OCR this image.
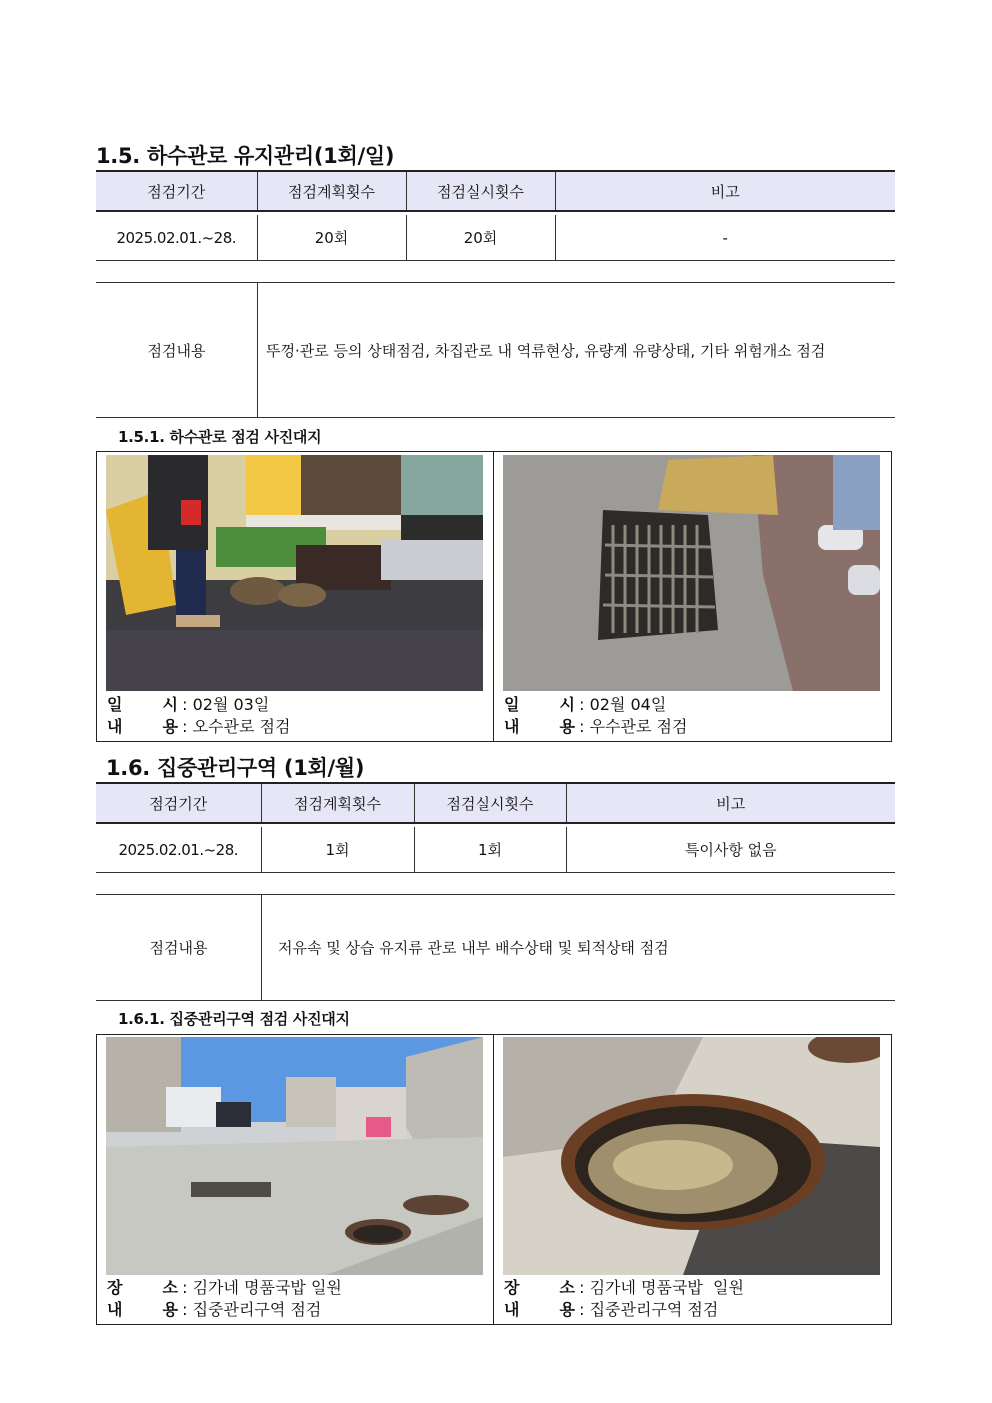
1.5. 하수관로 유지관리(1회/일)
점검기간	점검계획횟수	점검실시횟수	비고

2025.02.01.~28.	20회	20회	-
점검내용	뚜껑·관로 등의 상태점검, 차집관로 내 역류현상, 유량계 유량상태, 기타 위험개소 점검
1.5.1. 하수관로 점검 사진대지
일	시 : 02월 03일
내	용 : 오수관로 점검
일	시 : 02월 04일
내	용 : 우수관로 점검
1.6. 집중관리구역 (1회/월)
점검기간	점검계획횟수	점검실시횟수	비고

2025.02.01.~28.	1회	1회	특이사항 없음
점검내용	저유속 및 상습 유지류 관로 내부 배수상태 및 퇴적상태 점검
1.6.1. 집중관리구역 점검 사진대지
장	소 : 김가네 명품국밥 일원
내	용 : 집중관리구역 점검
장	소 : 김가네 명품국밥  일원
내	용 : 집중관리구역 점검
